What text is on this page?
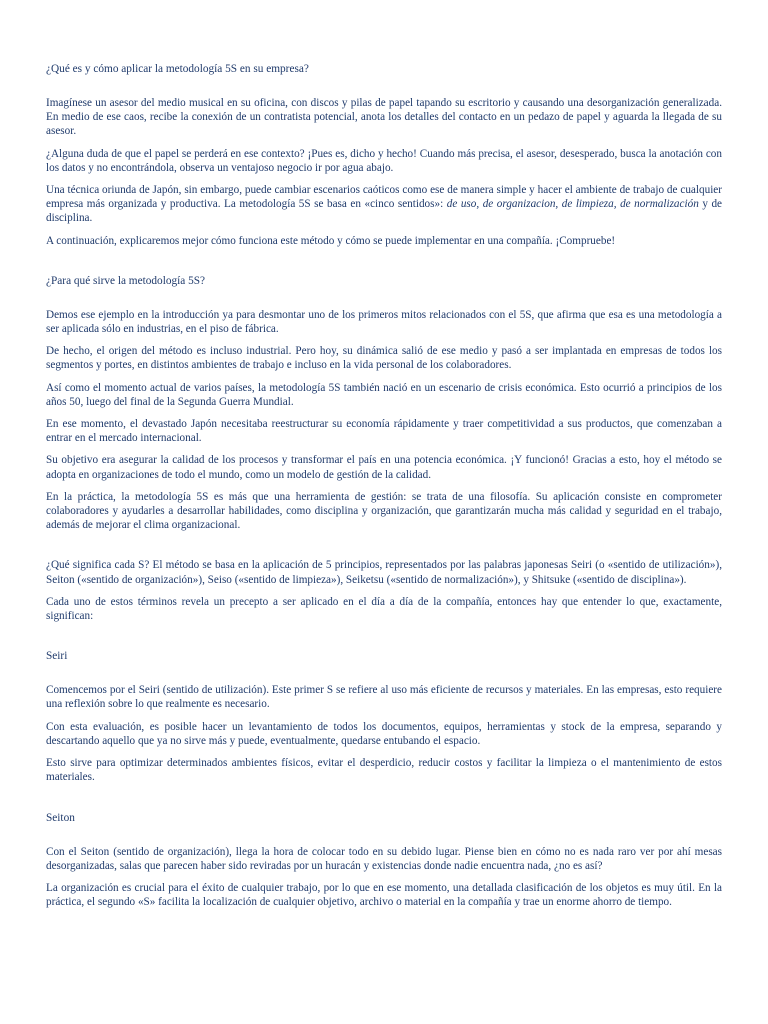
¿Qué es y cómo aplicar la metodología 5S en su empresa?

Imagínese un asesor del medio musical en su oficina, con discos y pilas de papel tapando su escritorio y causando una desorganización generalizada. En medio de ese caos, recibe la conexión de un contratista potencial, anota los detalles del contacto en un pedazo de papel y aguarda la llegada de su asesor.

¿Alguna duda de que el papel se perderá en ese contexto? ¡Pues es, dicho y hecho! Cuando más precisa, el asesor, desesperado, busca la anotación con los datos y no encontrándola, observa un ventajoso negocio ir por agua abajo.

Una técnica oriunda de Japón, sin embargo, puede cambiar escenarios caóticos como ese de manera simple y hacer el ambiente de trabajo de cualquier empresa más organizada y productiva. La metodología 5S se basa en «cinco sentidos»: de uso, de organizacion, de limpieza, de normalización y de disciplina.

A continuación, explicaremos mejor cómo funciona este método y cómo se puede implementar en una compañía. ¡Compruebe!

¿Para qué sirve la metodología 5S?

Demos ese ejemplo en la introducción ya para desmontar uno de los primeros mitos relacionados con el 5S, que afirma que esa es una metodología a ser aplicada sólo en industrias, en el piso de fábrica.

De hecho, el origen del método es incluso industrial. Pero hoy, su dinámica salió de ese medio y pasó a ser implantada en empresas de todos los segmentos y portes, en distintos ambientes de trabajo e incluso en la vida personal de los colaboradores.

Así como el momento actual de varios países, la metodología 5S también nació en un escenario de crisis económica. Esto ocurrió a principios de los años 50, luego del final de la Segunda Guerra Mundial.

En ese momento, el devastado Japón necesitaba reestructurar su economía rápidamente y traer competitividad a sus productos, que comenzaban a entrar en el mercado internacional.

Su objetivo era asegurar la calidad de los procesos y transformar el país en una potencia económica. ¡Y funcionó! Gracias a esto, hoy el método se adopta en organizaciones de todo el mundo, como un modelo de gestión de la calidad.

En la práctica, la metodología 5S es más que una herramienta de gestión: se trata de una filosofía. Su aplicación consiste en comprometer colaboradores y ayudarles a desarrollar habilidades, como disciplina y organización, que garantizarán mucha más calidad y seguridad en el trabajo, además de mejorar el clima organizacional.

¿Qué significa cada S? El método se basa en la aplicación de 5 principios, representados por las palabras japonesas Seiri (o «sentido de utilización»), Seiton («sentido de organización»), Seiso («sentido de limpieza»), Seiketsu («sentido de normalización»), y Shitsuke («sentido de disciplina»).

Cada uno de estos términos revela un precepto a ser aplicado en el día a día de la compañía, entonces hay que entender lo que, exactamente, significan:

Seiri

Comencemos por el Seiri (sentido de utilización). Este primer S se refiere al uso más eficiente de recursos y materiales. En las empresas, esto requiere una reflexión sobre lo que realmente es necesario.

Con esta evaluación, es posible hacer un levantamiento de todos los documentos, equipos, herramientas y stock de la empresa, separando y descartando aquello que ya no sirve más y puede, eventualmente, quedarse entubando el espacio.

Esto sirve para optimizar determinados ambientes físicos, evitar el desperdicio, reducir costos y facilitar la limpieza o el mantenimiento de estos materiales.

Seiton

Con el Seiton (sentido de organización), llega la hora de colocar todo en su debido lugar. Piense bien en cómo no es nada raro ver por ahí mesas desorganizadas, salas que parecen haber sido reviradas por un huracán y existencias donde nadie encuentra nada, ¿no es así?

La organización es crucial para el éxito de cualquier trabajo, por lo que en ese momento, una detallada clasificación de los objetos es muy útil. En la práctica, el segundo «S» facilita la localización de cualquier objetivo, archivo o material en la compañía y trae un enorme ahorro de tiempo.
